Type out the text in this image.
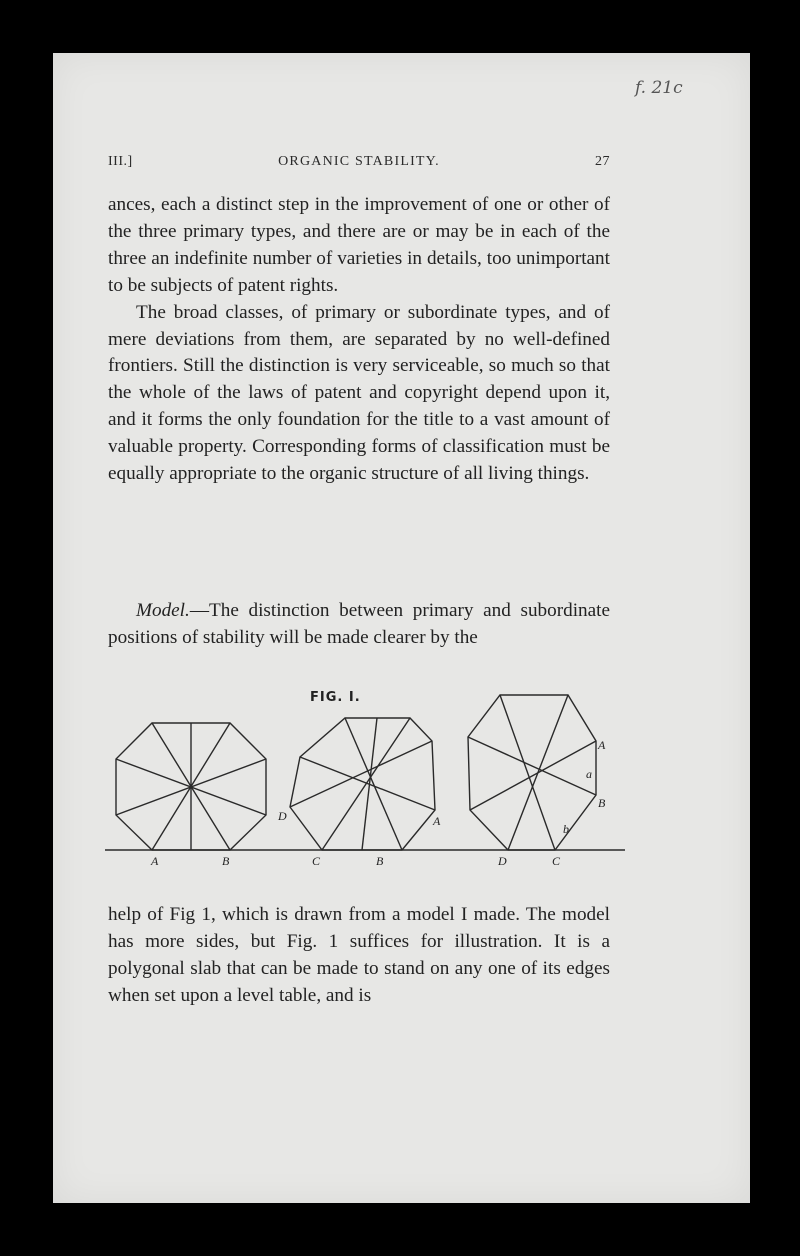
f. 21c
III.]	ORGANIC STABILITY.	27

ances, each a distinct step in the improvement of one or other of the three primary types, and there are or may be in each of the three an indefinite number of varieties in details, too unimportant to be subjects of patent rights.

The broad classes, of primary or subordinate types, and of mere deviations from them, are separated by no well-defined frontiers. Still the distinction is very serviceable, so much so that the whole of the laws of patent and copyright depend upon it, and it forms the only foundation for the title to a vast amount of valuable property. Corresponding forms of classification must be equally appropriate to the organic structure of all living things.

Model.—The distinction between primary and subordinate positions of stability will be made clearer by the

FIG. I.
A	B	C	B
D	A
A
a
B
b
D	C

help of Fig 1, which is drawn from a model I made. The model has more sides, but Fig. 1 suffices for illustration. It is a polygonal slab that can be made to stand on any one of its edges when set upon a level table, and is
